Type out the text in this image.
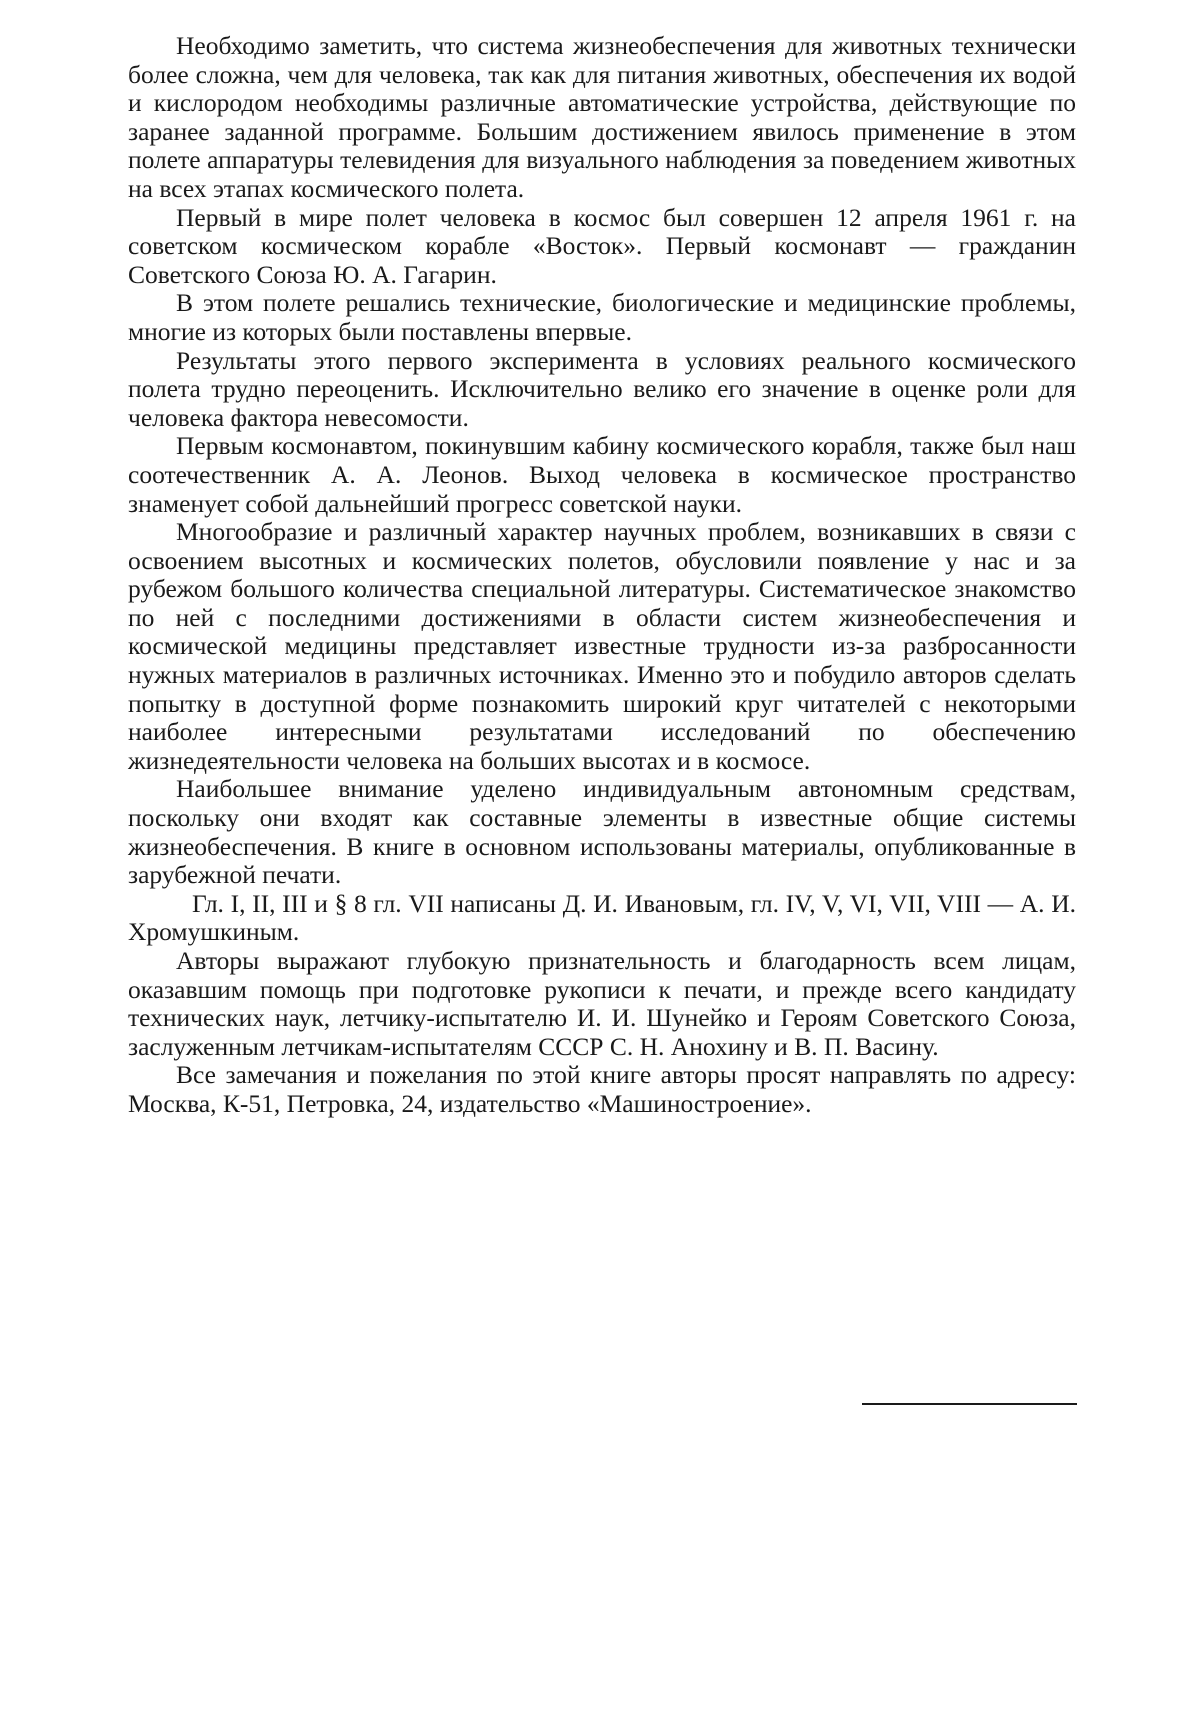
Необходимо заметить, что система жизнеобеспечения для животных технически более сложна, чем для человека, так как для питания животных, обеспечения их водой и кислородом необходимы различные автоматические устройства, действующие по заранее заданной программе. Большим достижением явилось применение в этом полете аппаратуры телевидения для визуального наблюдения за поведением животных на всех этапах космического полета.

Первый в мире полет человека в космос был совершен 12 апреля 1961 г. на советском космическом корабле «Восток». Первый космонавт — гражданин Советского Союза Ю. А. Гагарин.

В этом полете решались технические, биологические и медицинские проблемы, многие из которых были поставлены впервые.

Результаты этого первого эксперимента в условиях реального космического полета трудно переоценить. Исключительно велико его значение в оценке роли для человека фактора невесомости.

Первым космонавтом, покинувшим кабину космического корабля, также был наш соотечественник А. А. Леонов. Выход человека в космическое пространство знаменует собой дальнейший прогресс советской науки.

Многообразие и различный характер научных проблем, возникавших в связи с освоением высотных и космических полетов, обусловили появление у нас и за рубежом большого количества специальной литературы. Систематическое знакомство по ней с последними достижениями в области систем жизнеобеспечения и космической медицины представляет известные трудности из-за разбросанности нужных материалов в различных источниках. Именно это и побудило авторов сделать попытку в доступной форме познакомить широкий круг читателей с некоторыми наиболее интересными результатами исследований по обеспечению жизнедеятельности человека на больших высотах и в космосе.

Наибольшее внимание уделено индивидуальным автономным средствам, поскольку они входят как составные элементы в известные общие системы жизнеобеспечения. В книге в основном использованы материалы, опубликованные в зарубежной печати.

Гл. I, II, III и § 8 гл. VII написаны Д. И. Ивановым, гл. IV, V, VI, VII, VIII — А. И. Хромушкиным.

Авторы выражают глубокую признательность и благодарность всем лицам, оказавшим помощь при подготовке рукописи к печати, и прежде всего кандидату технических наук, летчику-испытателю И. И. Шунейко и Героям Советского Союза, заслуженным летчикам-испытателям СССР С. Н. Анохину и В. П. Васину.

Все замечания и пожелания по этой книге авторы просят направлять по адресу: Москва, К-51, Петровка, 24, издательство «Машиностроение».
